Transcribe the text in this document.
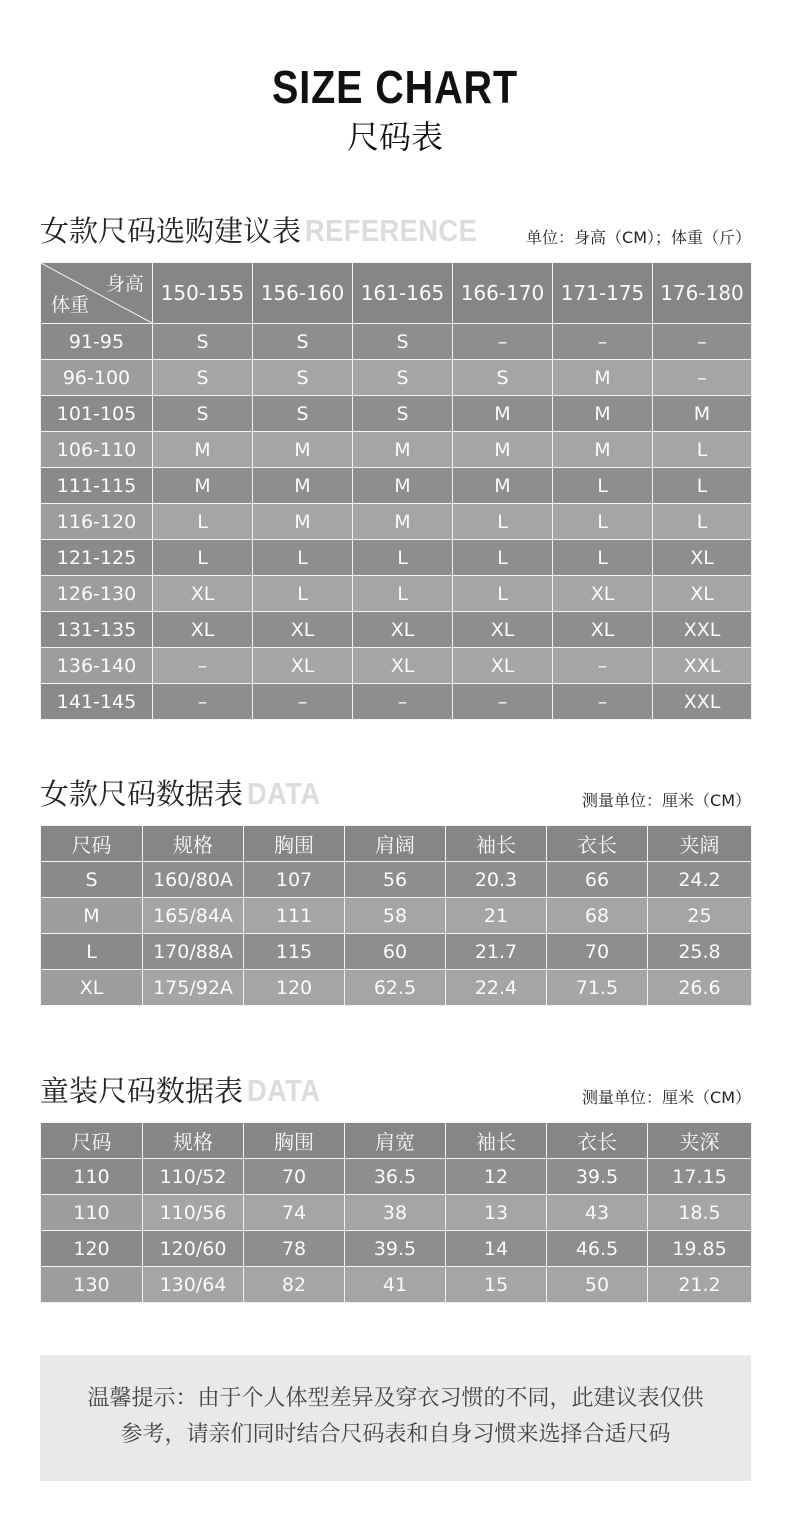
SIZE CHART
尺码表
女款尺码选购建议表 REFERENCE	单位：身高（CM）；体重（斤）
身高
体重	150-155	156-160	161-165	166-170	171-175	176-180
91-95	S	S	S	–	–	–
96-100	S	S	S	S	M	–
101-105	S	S	S	M	M	M
106-110	M	M	M	M	M	L
111-115	M	M	M	M	L	L
116-120	L	M	M	L	L	L
121-125	L	L	L	L	L	XL
126-130	XL	L	L	L	XL	XL
131-135	XL	XL	XL	XL	XL	XXL
136-140	–	XL	XL	XL	–	XXL
141-145	–	–	–	–	–	XXL
女款尺码数据表 DATA	测量单位：厘米（CM）
尺码	规格	胸围	肩阔	袖长	衣长	夹阔
S	160/80A	107	56	20.3	66	24.2
M	165/84A	111	58	21	68	25
L	170/88A	115	60	21.7	70	25.8
XL	175/92A	120	62.5	22.4	71.5	26.6
童装尺码数据表 DATA	测量单位：厘米（CM）
尺码	规格	胸围	肩宽	袖长	衣长	夹深
110	110/52	70	36.5	12	39.5	17.15
110	110/56	74	38	13	43	18.5
120	120/60	78	39.5	14	46.5	19.85
130	130/64	82	41	15	50	21.2
温馨提示：由于个人体型差异及穿衣习惯的不同，此建议表仅供
参考，请亲们同时结合尺码表和自身习惯来选择合适尺码
